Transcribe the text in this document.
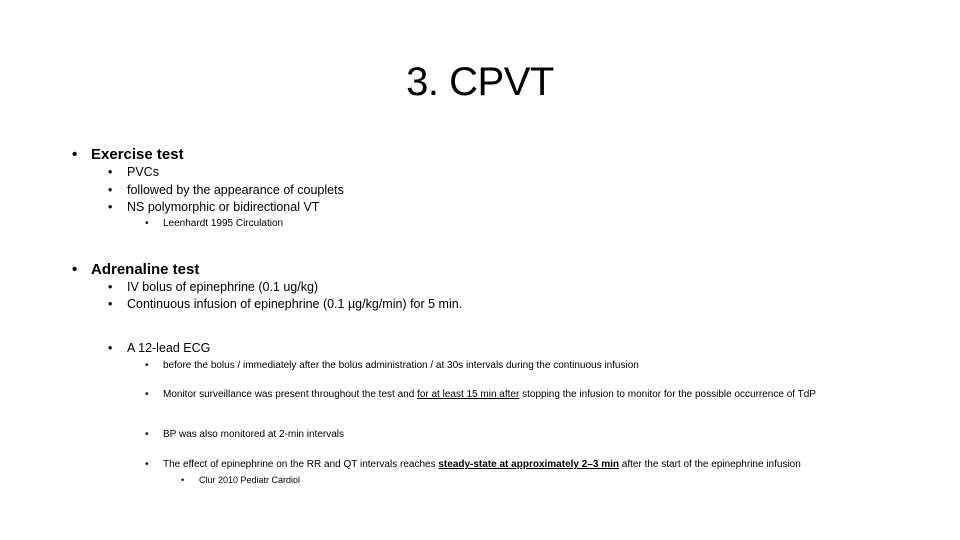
3. CPVT
• Exercise test
• PVCs
• followed by the appearance of couplets
• NS polymorphic or bidirectional VT
• Leenhardt 1995 Circulation
• Adrenaline test
• IV bolus of epinephrine (0.1 ug/kg)
• Continuous infusion of epinephrine (0.1 µg/kg/min) for 5 min.
• A 12-lead ECG
• before the bolus / immediately after the bolus administration / at 30s intervals during the continuous infusion
• Monitor surveillance was present throughout the test and for at least 15 min after stopping the infusion to monitor for the possible occurrence of TdP
• BP was also monitored at 2-min intervals
• The effect of epinephrine on the RR and QT intervals reaches steady-state at approximately 2–3 min after the start of the epinephrine infusion
• Clur 2010 Pediatr Cardiol
